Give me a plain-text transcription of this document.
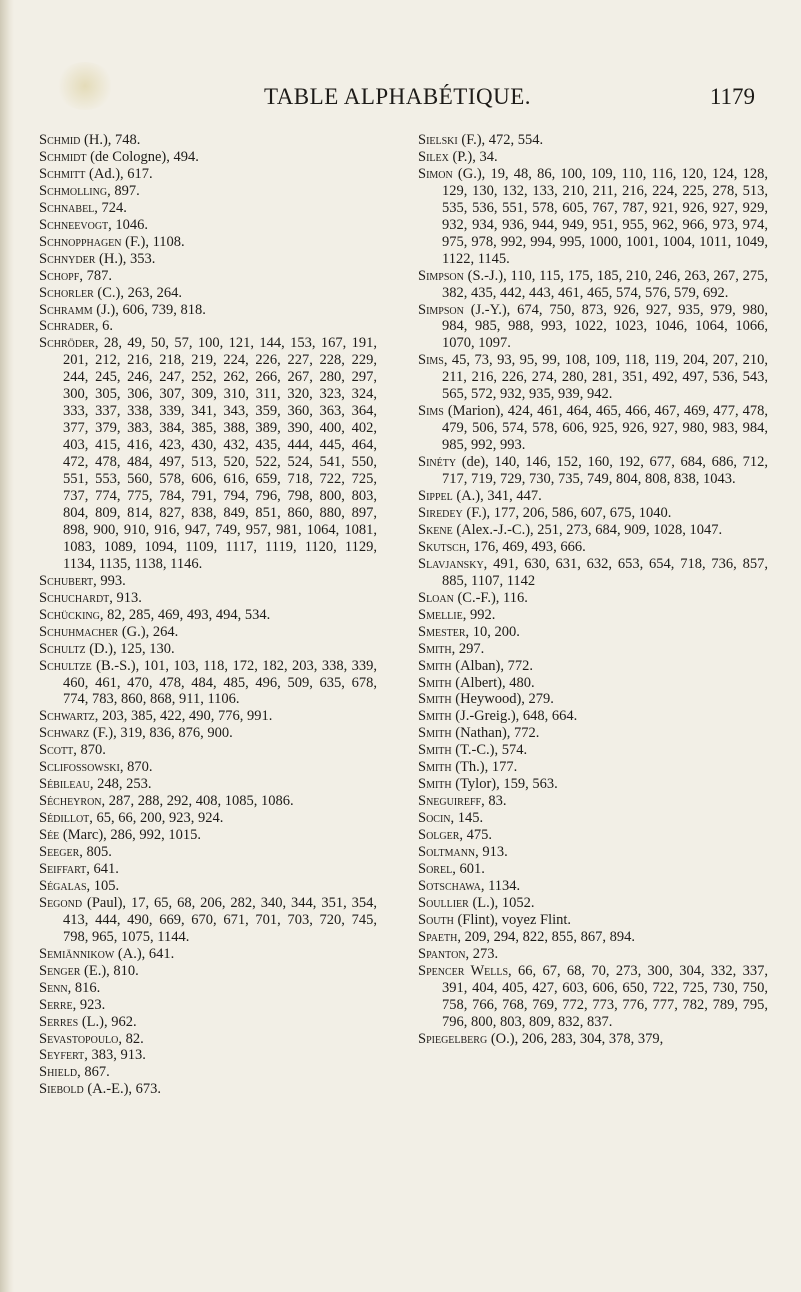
TABLE ALPHABÉTIQUE.	1179
Schmid (H.), 748.
Schmidt (de Cologne), 494.
Schmitt (Ad.), 617.
Schmolling, 897.
Schnabel, 724.
Schneevogt, 1046.
Schnopphagen (F.), 1108.
Schnyder (H.), 353.
Schopf, 787.
Schorler (C.), 263, 264.
Schramm (J.), 606, 739, 818.
Schrader, 6.
Schröder, 28, 49, 50, 57, 100, 121, 144, 153, 167, 191, 201, 212, 216, 218, 219, 224, 226, 227, 228, 229, 244, 245, 246, 247, 252, 262, 266, 267, 280, 297, 300, 305, 306, 307, 309, 310, 311, 320, 323, 324, 333, 337, 338, 339, 341, 343, 359, 360, 363, 364, 377, 379, 383, 384, 385, 388, 389, 390, 400, 402, 403, 415, 416, 423, 430, 432, 435, 444, 445, 464, 472, 478, 484, 497, 513, 520, 522, 524, 541, 550, 551, 553, 560, 578, 606, 616, 659, 718, 722, 725, 737, 774, 775, 784, 791, 794, 796, 798, 800, 803, 804, 809, 814, 827, 838, 849, 851, 860, 880, 897, 898, 900, 910, 916, 947, 749, 957, 981, 1064, 1081, 1083, 1089, 1094, 1109, 1117, 1119, 1120, 1129, 1134, 1135, 1138, 1146.
Schubert, 993.
Schuchardt, 913.
Schücking, 82, 285, 469, 493, 494, 534.
Schuhmacher (G.), 264.
Schultz (D.), 125, 130.
Schultze (B.-S.), 101, 103, 118, 172, 182, 203, 338, 339, 460, 461, 470, 478, 484, 485, 496, 509, 635, 678, 774, 783, 860, 868, 911, 1106.
Schwartz, 203, 385, 422, 490, 776, 991.
Schwarz (F.), 319, 836, 876, 900.
Scott, 870.
Sclifossowski, 870.
Sébileau, 248, 253.
Sécheyron, 287, 288, 292, 408, 1085, 1086.
Sédillot, 65, 66, 200, 923, 924.
Sée (Marc), 286, 992, 1015.
Seeger, 805.
Seiffart, 641.
Ségalas, 105.
Segond (Paul), 17, 65, 68, 206, 282, 340, 344, 351, 354, 413, 444, 490, 669, 670, 671, 701, 703, 720, 745, 798, 965, 1075, 1144.
Semiännikow (A.), 641.
Senger (E.), 810.
Senn, 816.
Serre, 923.
Serres (L.), 962.
Sevastopoulo, 82.
Seyfert, 383, 913.
Shield, 867.
Siebold (A.-E.), 673.
Sielski (F.), 472, 554.
Silex (P.), 34.
Simon (G.), 19, 48, 86, 100, 109, 110, 116, 120, 124, 128, 129, 130, 132, 133, 210, 211, 216, 224, 225, 278, 513, 535, 536, 551, 578, 605, 767, 787, 921, 926, 927, 929, 932, 934, 936, 944, 949, 951, 955, 962, 966, 973, 974, 975, 978, 992, 994, 995, 1000, 1001, 1004, 1011, 1049, 1122, 1145.
Simpson (S.-J.), 110, 115, 175, 185, 210, 246, 263, 267, 275, 382, 435, 442, 443, 461, 465, 574, 576, 579, 692.
Simpson (J.-Y.), 674, 750, 873, 926, 927, 935, 979, 980, 984, 985, 988, 993, 1022, 1023, 1046, 1064, 1066, 1070, 1097.
Sims, 45, 73, 93, 95, 99, 108, 109, 118, 119, 204, 207, 210, 211, 216, 226, 274, 280, 281, 351, 492, 497, 536, 543, 565, 572, 932, 935, 939, 942.
Sims (Marion), 424, 461, 464, 465, 466, 467, 469, 477, 478, 479, 506, 574, 578, 606, 925, 926, 927, 980, 983, 984, 985, 992, 993.
Sinéty (de), 140, 146, 152, 160, 192, 677, 684, 686, 712, 717, 719, 729, 730, 735, 749, 804, 808, 838, 1043.
Sippel (A.), 341, 447.
Siredey (F.), 177, 206, 586, 607, 675, 1040.
Skene (Alex.-J.-C.), 251, 273, 684, 909, 1028, 1047.
Skutsch, 176, 469, 493, 666.
Slavjansky, 491, 630, 631, 632, 653, 654, 718, 736, 857, 885, 1107, 1142
Sloan (C.-F.), 116.
Smellie, 992.
Smester, 10, 200.
Smith, 297.
Smith (Alban), 772.
Smith (Albert), 480.
Smith (Heywood), 279.
Smith (J.-Greig.), 648, 664.
Smith (Nathan), 772.
Smith (T.-C.), 574.
Smith (Th.), 177.
Smith (Tylor), 159, 563.
Sneguireff, 83.
Socin, 145.
Solger, 475.
Soltmann, 913.
Sorel, 601.
Sotschawa, 1134.
Soullier (L.), 1052.
South (Flint), voyez Flint.
Spaeth, 209, 294, 822, 855, 867, 894.
Spanton, 273.
Spencer Wells, 66, 67, 68, 70, 273, 300, 304, 332, 337, 391, 404, 405, 427, 603, 606, 650, 722, 725, 730, 750, 758, 766, 768, 769, 772, 773, 776, 777, 782, 789, 795, 796, 800, 803, 809, 832, 837.
Spiegelberg (O.), 206, 283, 304, 378, 379,
